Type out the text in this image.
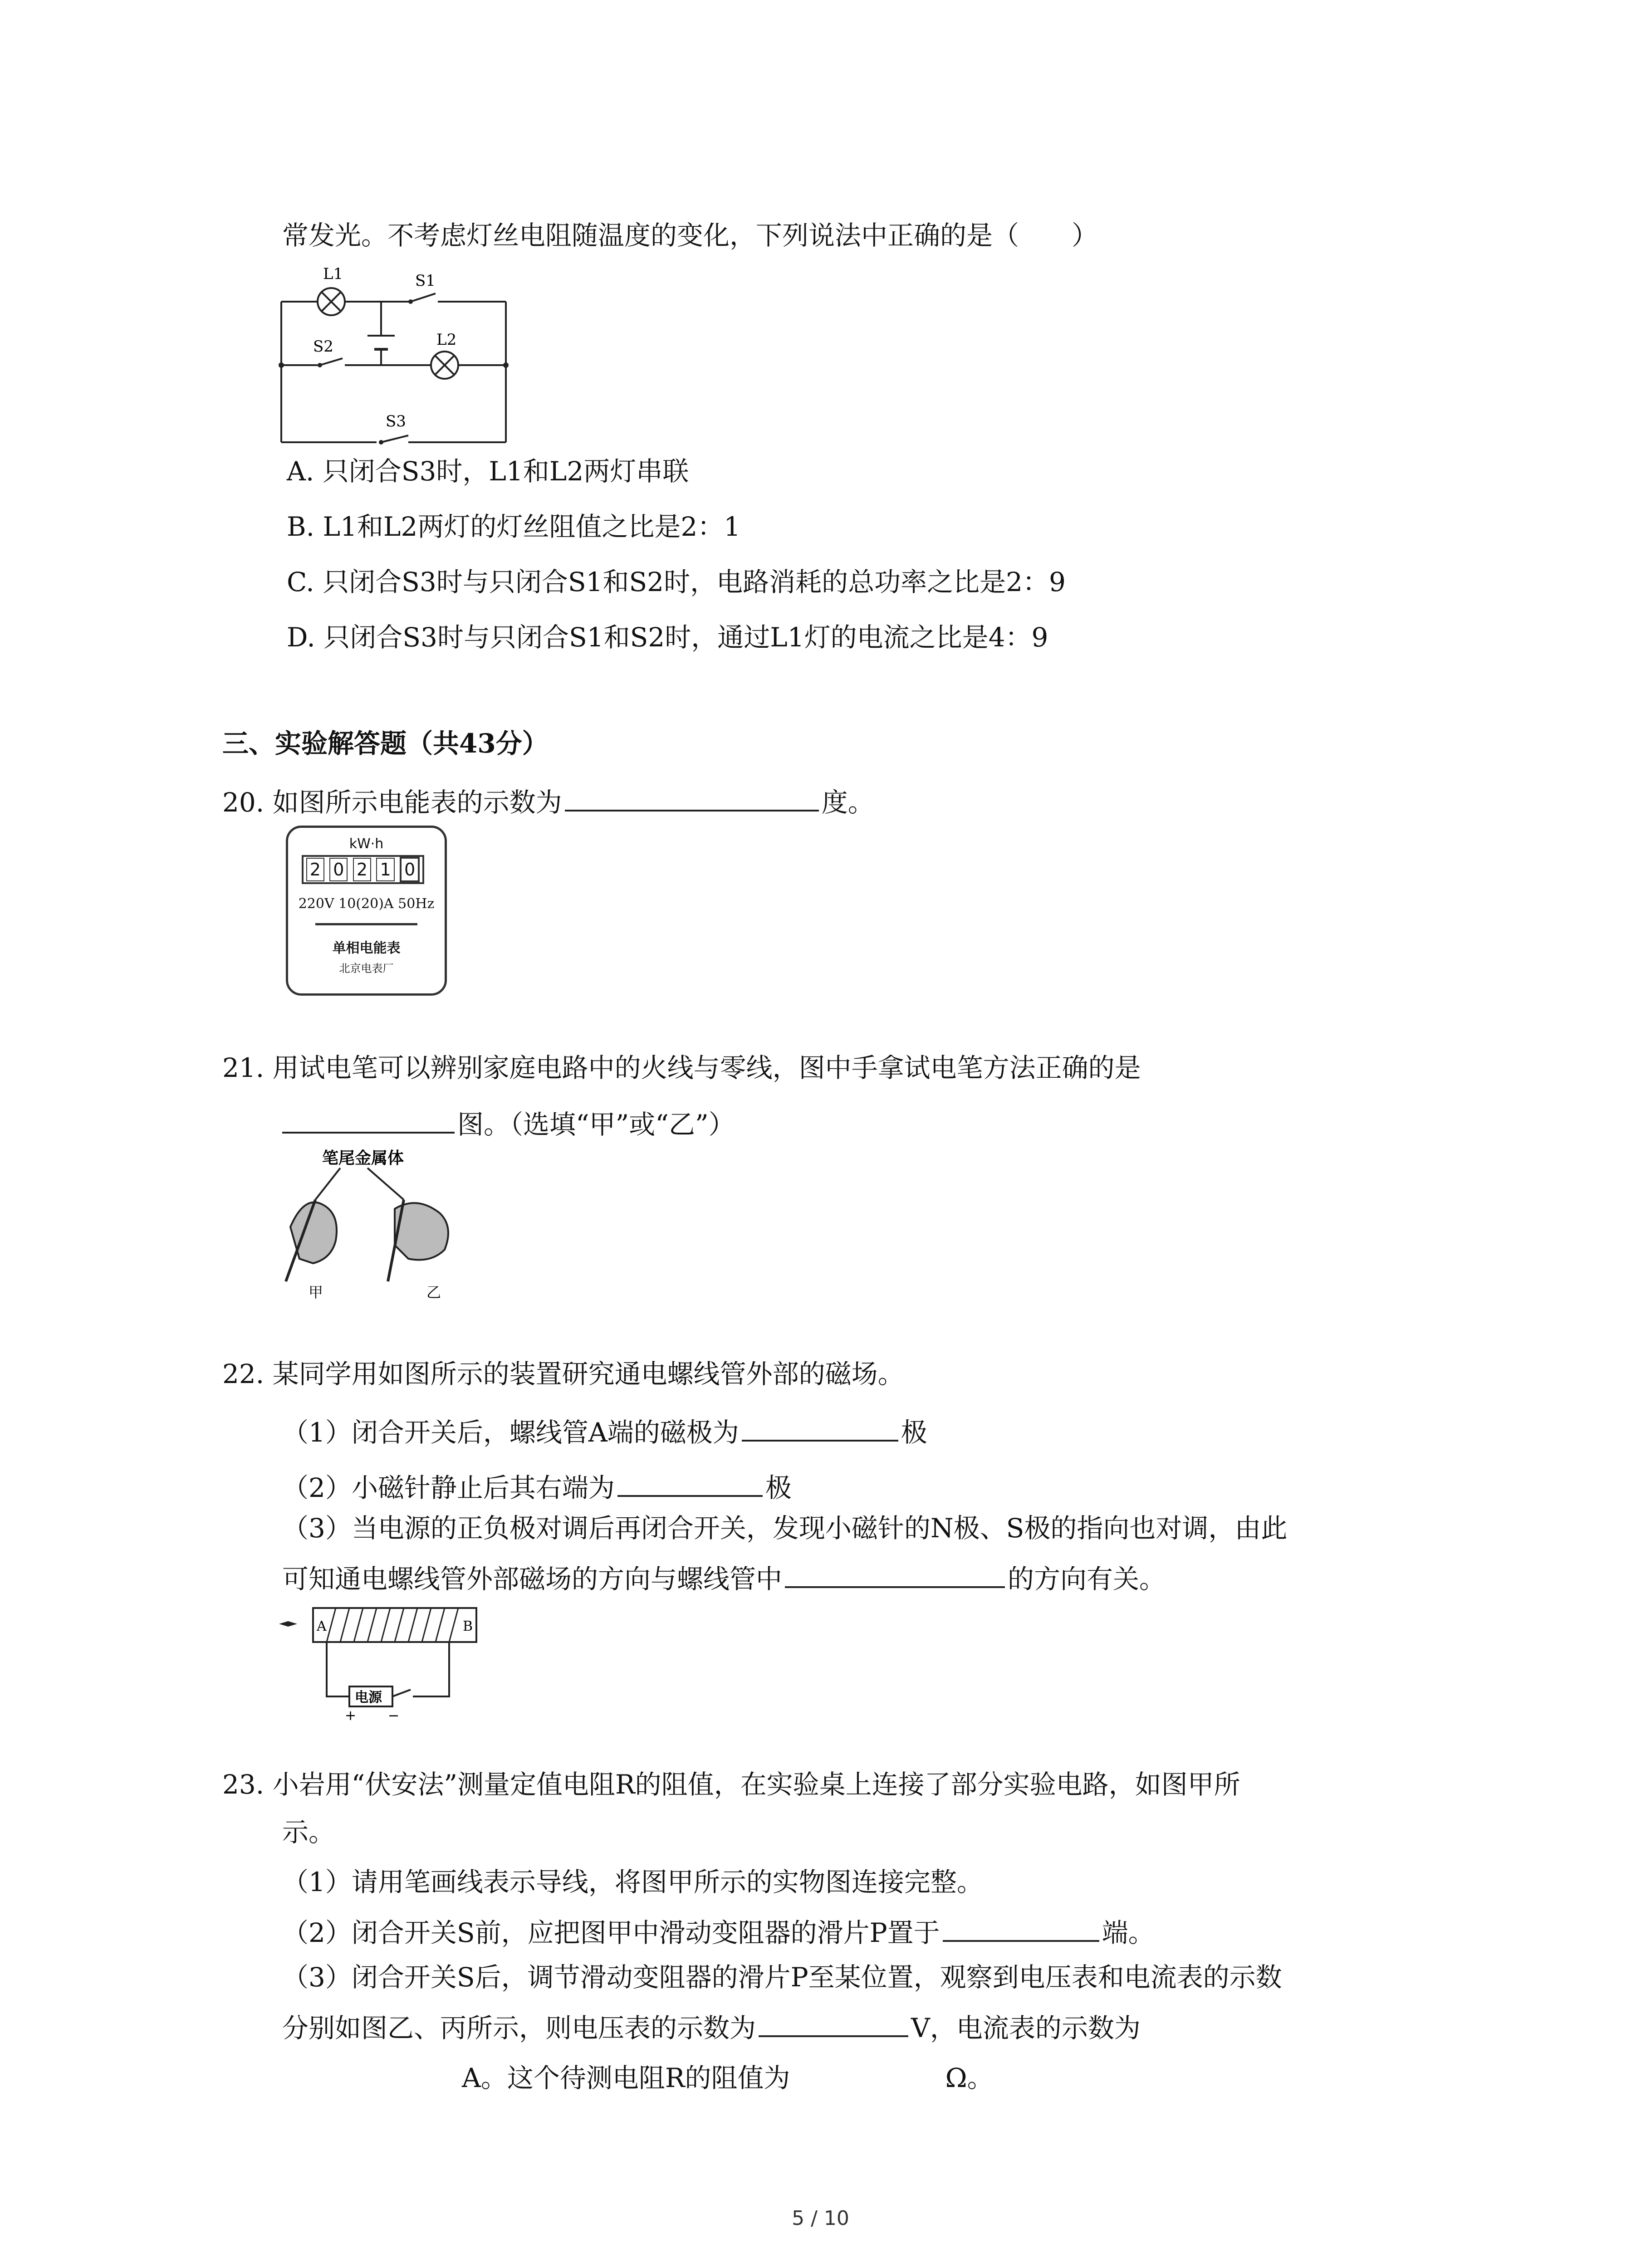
常发光。不考虑灯丝电阻随温度的变化，下列说法中正确的是（　　）
L1	S1
S2	L2
S3
A. 只闭合S3时，L1和L2两灯串联
B. L1和L2两灯的灯丝阻值之比是2：1
C. 只闭合S3时与只闭合S1和S2时，电路消耗的总功率之比是2：9
D. 只闭合S3时与只闭合S1和S2时，通过L1灯的电流之比是4：9
三、实验解答题（共43分）
20. 如图所示电能表的示数为	度。
kW·h
2 0 2 1 0
220V 10(20)A 50Hz
单相电能表
北京电表厂
21. 用试电笔可以辨别家庭电路中的火线与零线，图中手拿试电笔方法正确的是
图。（选填“甲”或“乙”）
笔尾金属体
甲	乙
22. 某同学用如图所示的装置研究通电螺线管外部的磁场。
（1）闭合开关后，螺线管A端的磁极为	极
（2）小磁针静止后其右端为	极
（3）当电源的正负极对调后再闭合开关，发现小磁针的N极、S极的指向也对调，由此
可知通电螺线管外部磁场的方向与螺线管中	的方向有关。
A	B
电源
+ −
23. 小岩用“伏安法”测量定值电阻R的阻值，在实验桌上连接了部分实验电路，如图甲所
示。
（1）请用笔画线表示导线，将图甲所示的实物图连接完整。
（2）闭合开关S前，应把图甲中滑动变阻器的滑片P置于	端。
（3）闭合开关S后，调节滑动变阻器的滑片P至某位置，观察到电压表和电流表的示数
分别如图乙、丙所示，则电压表的示数为	V，电流表的示数为
A。这个待测电阻R的阻值为	Ω。
5 / 10
